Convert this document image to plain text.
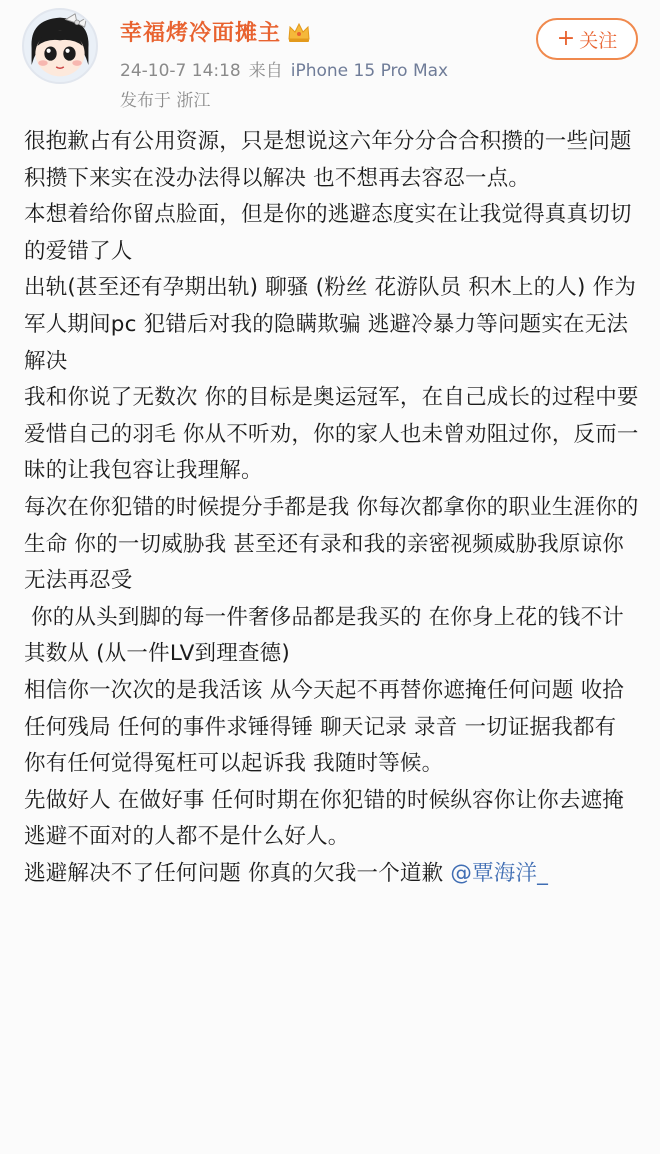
幸福烤冷面摊主
24-10-7 14:18 来自 iPhone 15 Pro Max
发布于 浙江
+ 关注

很抱歉占有公用资源，只是想说这六年分分合合积攒的一些问题积攒下来实在没办法得以解决 也不想再去容忍一点。

本想着给你留点脸面，但是你的逃避态度实在让我觉得真真切切的爱错了人

出轨(甚至还有孕期出轨) 聊骚 (粉丝 花游队员 积木上的人) 作为军人期间pc 犯错后对我的隐瞒欺骗 逃避冷暴力等问题实在无法解决

我和你说了无数次 你的目标是奥运冠军，在自己成长的过程中要爱惜自己的羽毛 你从不听劝，你的家人也未曾劝阻过你，反而一昧的让我包容让我理解。

每次在你犯错的时候提分手都是我 你每次都拿你的职业生涯你的生命 你的一切威胁我 甚至还有录和我的亲密视频威胁我原谅你

无法再忍受

你的从头到脚的每一件奢侈品都是我买的 在你身上花的钱不计其数从 (从一件LV到理查德)

相信你一次次的是我活该 从今天起不再替你遮掩任何问题 收拾任何残局 任何的事件求锤得锤 聊天记录 录音 一切证据我都有 你有任何觉得冤枉可以起诉我 我随时等候。

先做好人 在做好事 任何时期在你犯错的时候纵容你让你去遮掩逃避不面对的人都不是什么好人。

逃避解决不了任何问题 你真的欠我一个道歉 @覃海洋_
